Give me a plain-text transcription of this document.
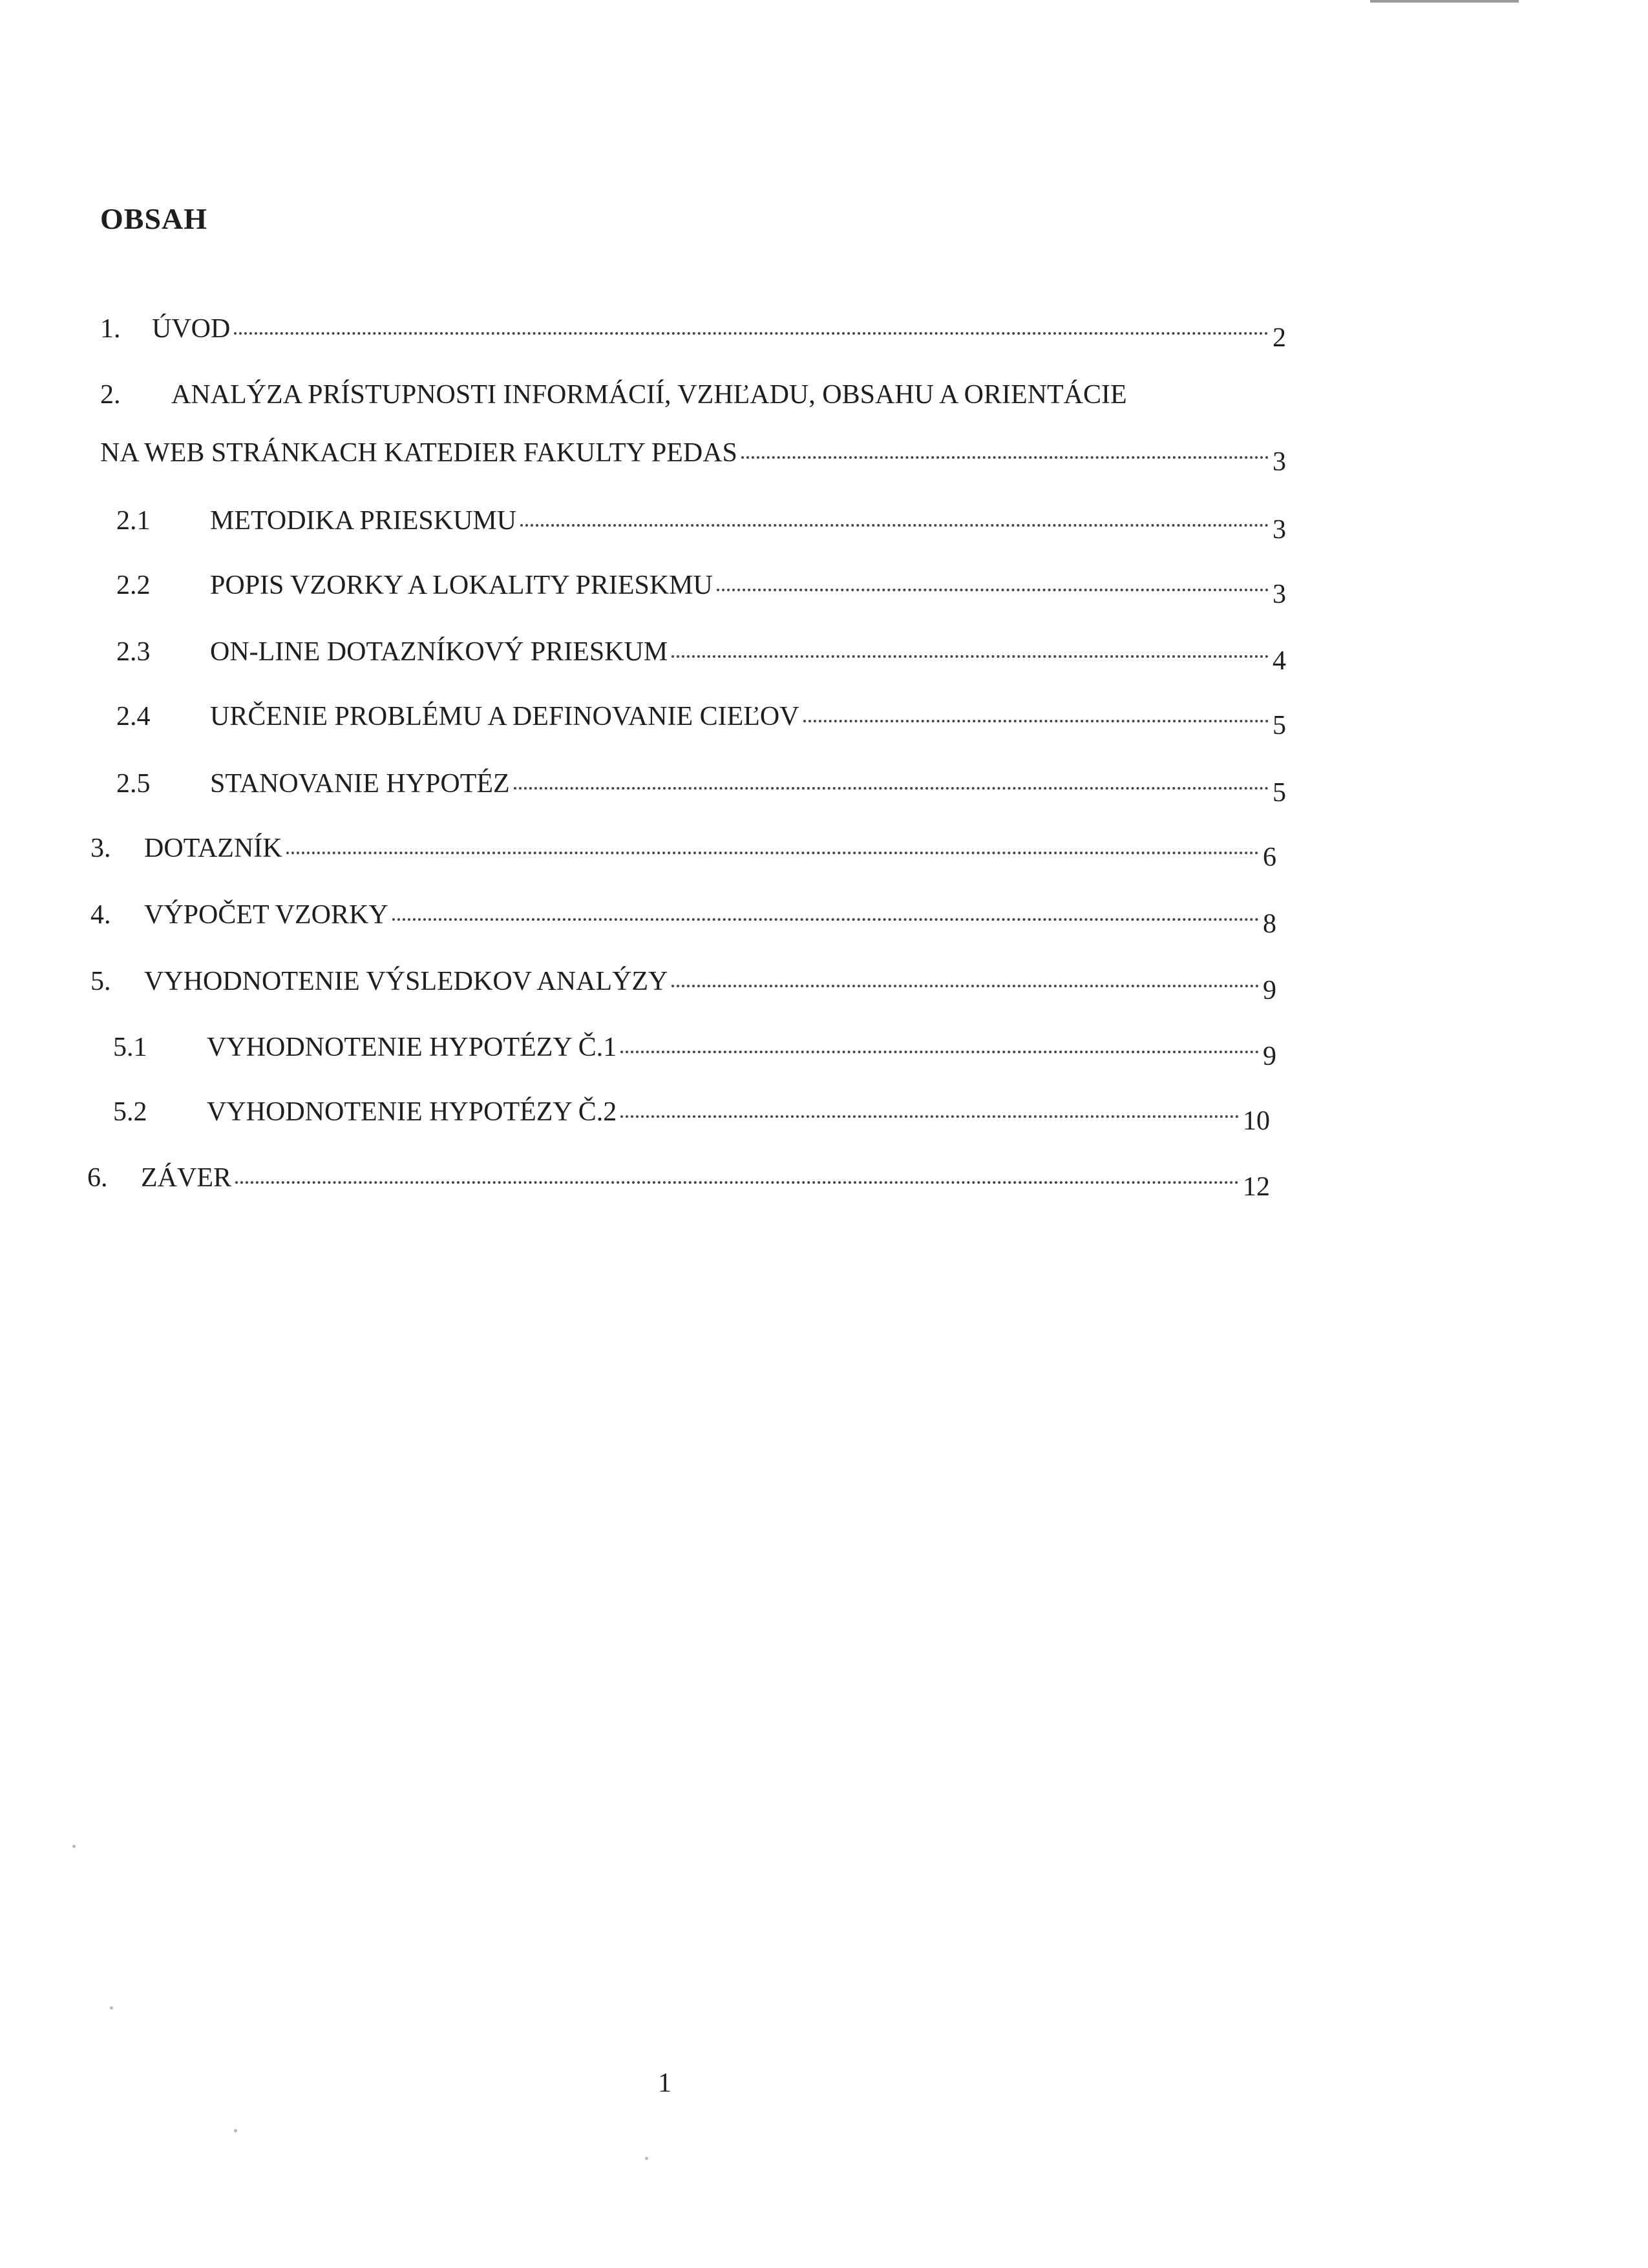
OBSAH
1.	ÚVOD	2
2. ANALÝZA PRÍSTUPNOSTI INFORMÁCIÍ, VZHĽADU, OBSAHU A ORIENTÁCIE
NA WEB STRÁNKACH KATEDIER FAKULTY PEDAS	3
2.1	METODIKA PRIESKUMU	3
2.2	POPIS VZORKY A LOKALITY PRIESKMU	3
2.3	ON-LINE DOTAZNÍKOVÝ PRIESKUM	4
2.4	URČENIE PROBLÉMU A DEFINOVANIE CIEĽOV	5
2.5	STANOVANIE HYPOTÉZ	5
3.	DOTAZNÍK	6
4.	VÝPOČET VZORKY	8
5.	VYHODNOTENIE VÝSLEDKOV ANALÝZY	9
5.1	VYHODNOTENIE HYPOTÉZY Č.1	9
5.2	VYHODNOTENIE HYPOTÉZY Č.2	10
6.	ZÁVER	12
1
